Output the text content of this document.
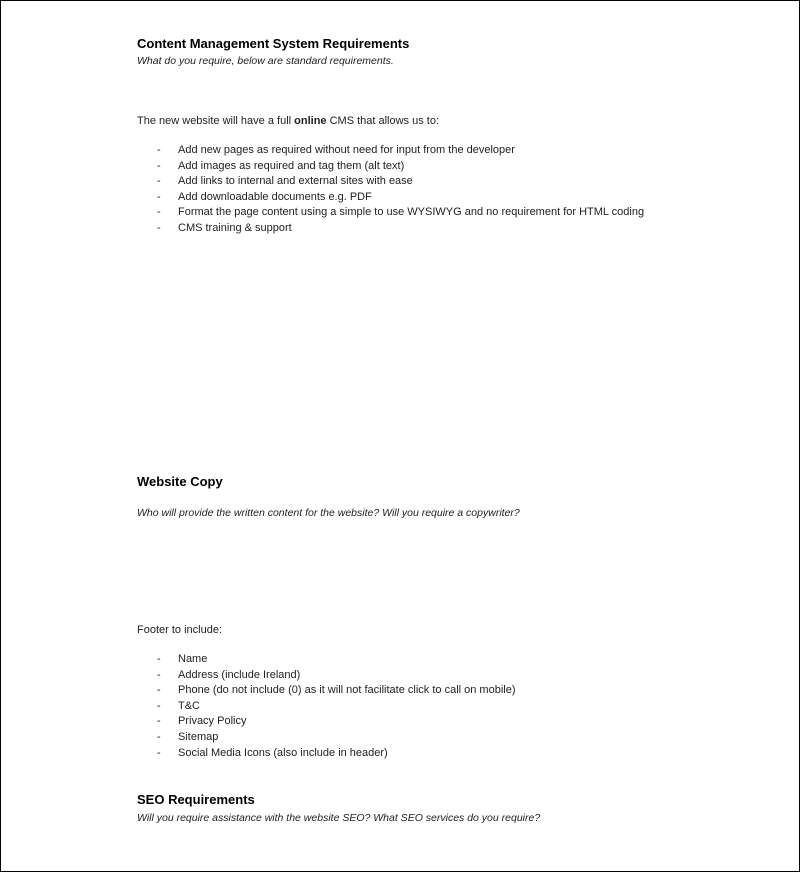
Content Management System Requirements
What do you require, below are standard requirements.
The new website will have a full online CMS that allows us to:
- Add new pages as required without need for input from the developer
- Add images as required and tag them (alt text)
- Add links to internal and external sites with ease
- Add downloadable documents e.g. PDF
- Format the page content using a simple to use WYSIWYG and no requirement for HTML coding
- CMS training & support
Website Copy
Who will provide the written content for the website? Will you require a copywriter?
Footer to include:
- Name
- Address (include Ireland)
- Phone (do not include (0) as it will not facilitate click to call on mobile)
- T&C
- Privacy Policy
- Sitemap
- Social Media Icons (also include in header)
SEO Requirements
Will you require assistance with the website SEO? What SEO services do you require?
